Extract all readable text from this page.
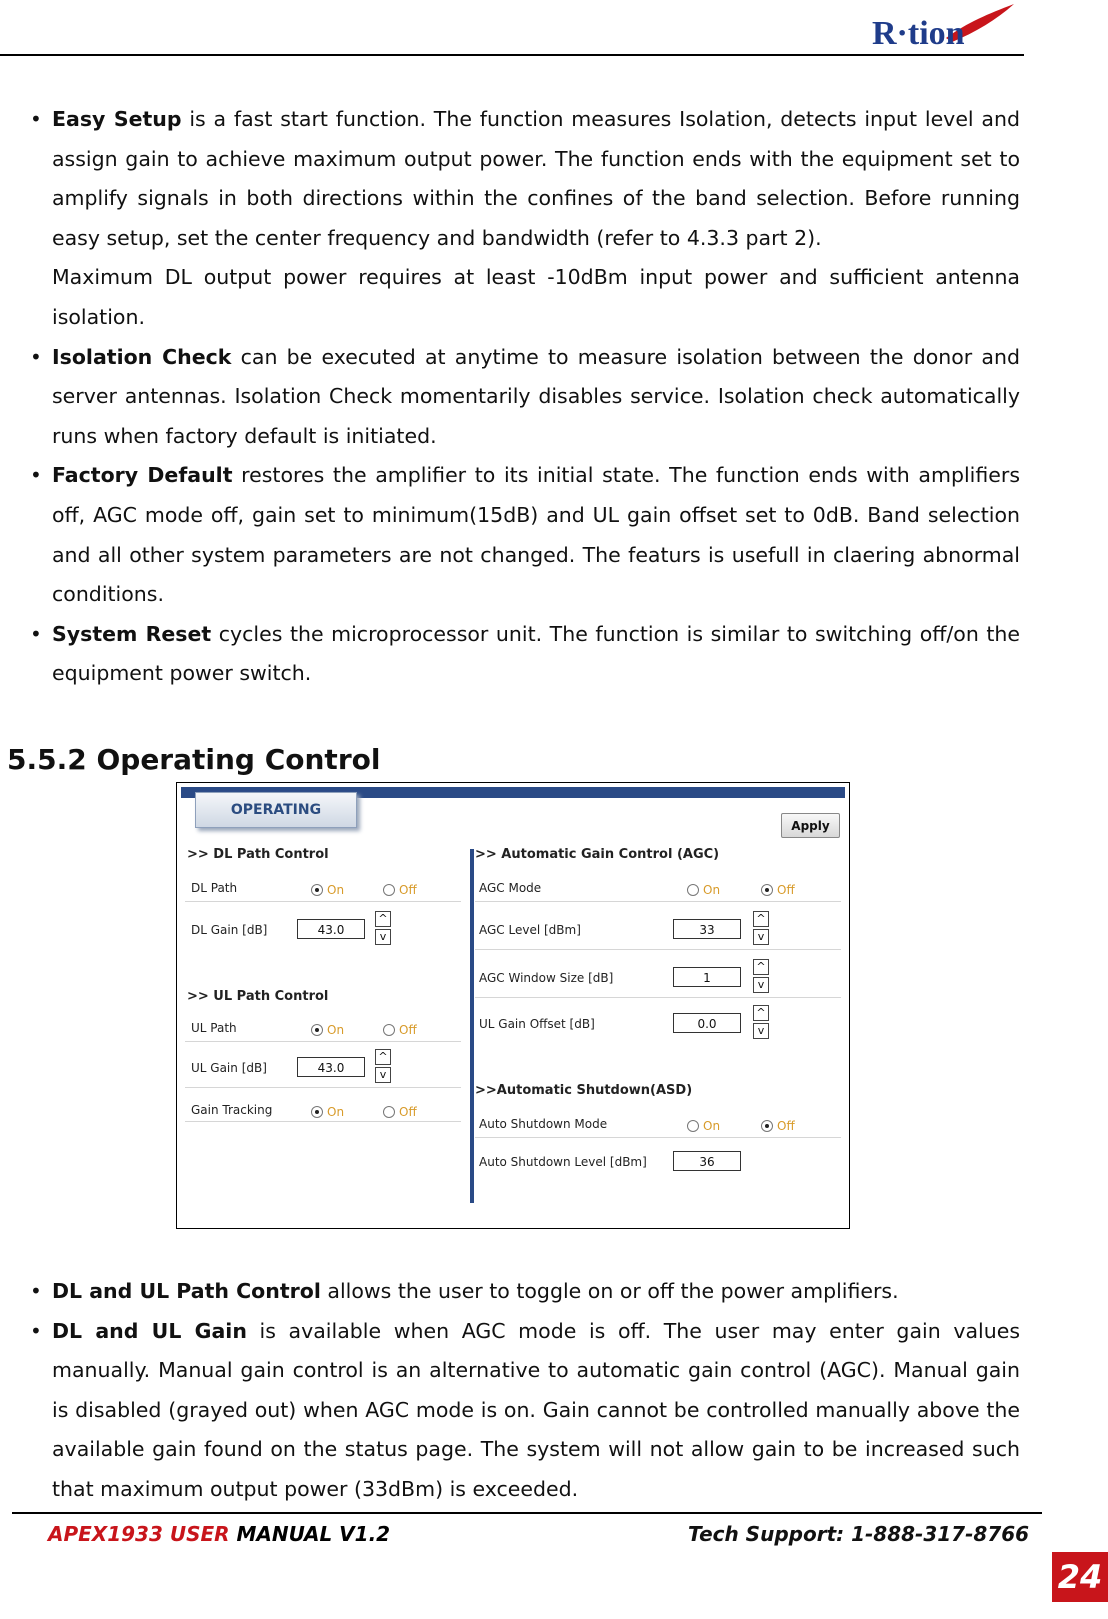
R·tion

• Easy Setup is a fast start function. The function measures Isolation, detects input level and assign gain to achieve maximum output power. The function ends with the equipment set to amplify signals in both directions within the confines of the band selection. Before running easy setup, set the center frequency and bandwidth (refer to 4.3.3 part 2).

Maximum DL output power requires at least -10dBm input power and sufficient antenna isolation.

• Isolation Check can be executed at anytime to measure isolation between the donor and server antennas. Isolation Check momentarily disables service. Isolation check automatically runs when factory default is initiated.

• Factory Default restores the amplifier to its initial state. The function ends with amplifiers off, AGC mode off, gain set to minimum(15dB) and UL gain offset set to 0dB. Band selection and all other system parameters are not changed. The featurs is usefull in claering abnormal conditions.

• System Reset cycles the microprocessor unit. The function is similar to switching off/on the equipment power switch.

5.5.2 Operating Control
OPERATING
Apply
>> DL Path Control
DL Path	On	Off
DL Gain [dB]	43.0
^
v
>> UL Path Control
UL Path	On	Off
UL Gain [dB]	43.0
^
v
Gain Tracking	On	Off
>> Automatic Gain Control (AGC)
AGC Mode	On	Off
AGC Level [dBm]	33
^
v
AGC Window Size [dB]	1
^
v
UL Gain Offset [dB]	0.0
^
v
>>Automatic Shutdown(ASD)
Auto Shutdown Mode	On	Off
Auto Shutdown Level [dBm]	36

• DL and UL Path Control allows the user to toggle on or off the power amplifiers.

• DL and UL Gain is available when AGC mode is off. The user may enter gain values manually. Manual gain control is an alternative to automatic gain control (AGC). Manual gain is disabled (grayed out) when AGC mode is on. Gain cannot be controlled manually above the available gain found on the status page. The system will not allow gain to be increased such that maximum output power (33dBm) is exceeded.

APEX1933 USER MANUAL V1.2	Tech Support: 1-888-317-8766
24
